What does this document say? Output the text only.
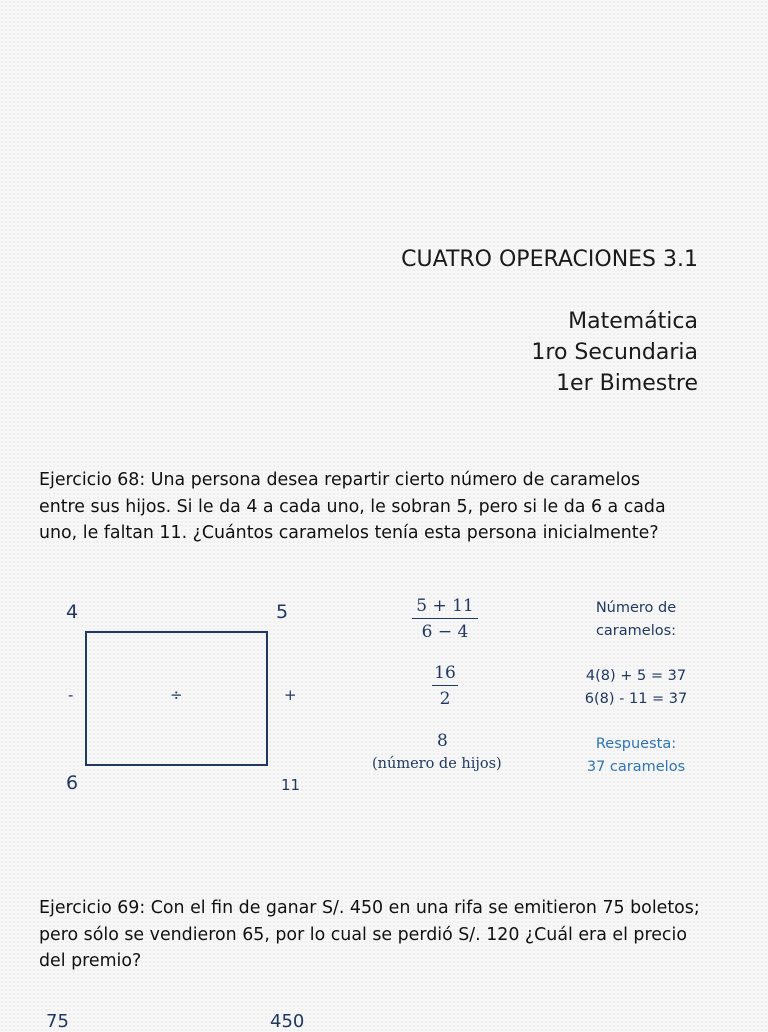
CUATRO OPERACIONES 3.1
Matemática
1ro Secundaria
1er Bimestre
Ejercicio 68: Una persona desea repartir cierto número de caramelos
entre sus hijos. Si le da 4 a cada uno, le sobran 5, pero si le da 6 a cada
uno, le faltan 11. ¿Cuántos caramelos tenía esta persona inicialmente?
4	5
-	÷	+
6	11
5 + 11
6 − 4
16
2
8
(número de hijos)
Número de
caramelos:
4(8) + 5 = 37
6(8) - 11 = 37
Respuesta:
37 caramelos
Ejercicio 69: Con el fin de ganar S/. 450 en una rifa se emitieron 75 boletos;
pero sólo se vendieron 65, por lo cual se perdió S/. 120 ¿Cuál era el precio
del premio?
75	450
